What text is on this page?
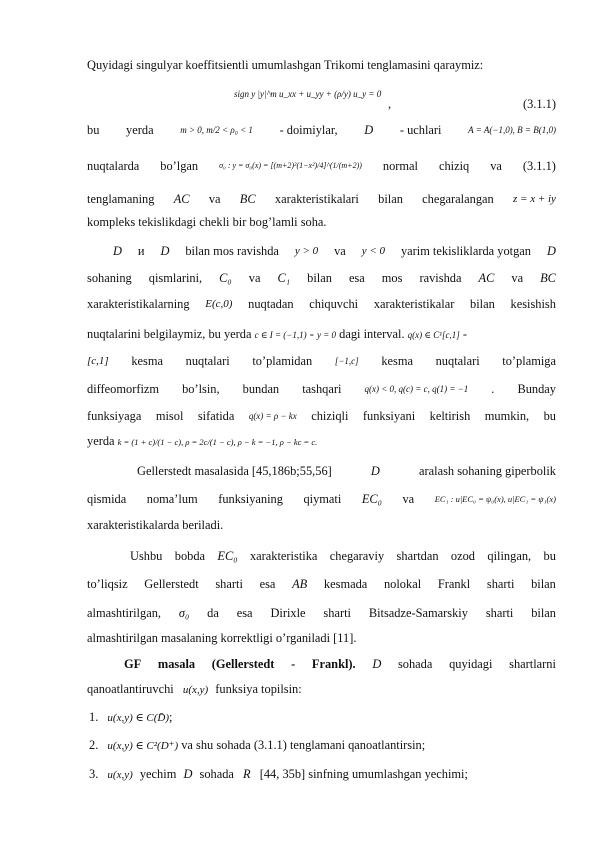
Quyidagi singulyar koeffitsientli umumlashgan Trikomi tenglamasini qaraymiz:
sign y |y|^m u_xx + u_yy + (ρ/y) u_y = 0
,	(3.1.1)
bu yerda	m > 0, m/2 < ρ₀ < 1 - doimiylar, D - uchlari	A = A(−1,0), B = B(1,0)
nuqtalarda bo’lgan	σ₀ : y = σ₀(x) = [(m+2)²(1−x²)/4]^(1/(m+2)) normal chiziq va (3.1.1)
tenglamaning AC va BC xarakteristikalari bilan chegaralangan z = x + iy
kompleks tekislikdagi chekli bir bog’lamli soha.
D и D bilan mos ravishda y > 0 va y < 0 yarim tekisliklarda yotgan D
sohaning qismlarini, C₀ va C₁ bilan esa mos ravishda AC va BC
xarakteristikalarning E(c,0) nuqtadan chiquvchi xarakteristikalar bilan kesishish
nuqtalarini belgilaymiz, bu yerda c ∈ I = (−1,1) - y = 0 dagi interval. q(x) ∈ C¹[c,1] -
[c,1] kesma nuqtalari to’plamidan	[−1,c] kesma nuqtalari to’plamiga
diffeomorfizm bo’lsin, bundan tashqari	q(x) < 0, q(c) = c, q(1) = −1 . Bunday
funksiyaga misol sifatida q(x) = ρ − kx chiziqli funksiyani keltirish mumkin, bu
yerda k = (1 + c)/(1 − c), ρ = 2c/(1 − c), ρ − k = −1, ρ − kc = c.
Gellerstedt masalasida [45,186b;55,56]	D	aralash sohaning giperbolik
qismida noma’lum funksiyaning qiymati EC₀ va EC₁ : u|EC₀ = ψ₀(x), u|EC₁ = ψ₁(x)
xarakteristikalarda beriladi.
Ushbu bobda EC₀ xarakteristika chegaraviy shartdan ozod qilingan, bu
to’liqsiz Gellerstedt sharti esa AB kesmada nolokal Frankl sharti bilan
almashtirilgan, σ₀ da esa Dirixle sharti Bitsadze-Samarskiy sharti bilan
almashtirilgan masalaning korrektligi o’rganiladi [11].
GF masala (Gellerstedt - Frankl). D sohada quyidagi shartlarni
qanoatlantiruvchi u(x,y) funksiya topilsin:
1. u(x,y) ∈ C(D̄);
2. u(x,y) ∈ C²(D⁺) va shu sohada (3.1.1) tenglamani qanoatlantirsin;
3. u(x,y) yechim D sohada R [44, 35b] sinfning umumlashgan yechimi;
